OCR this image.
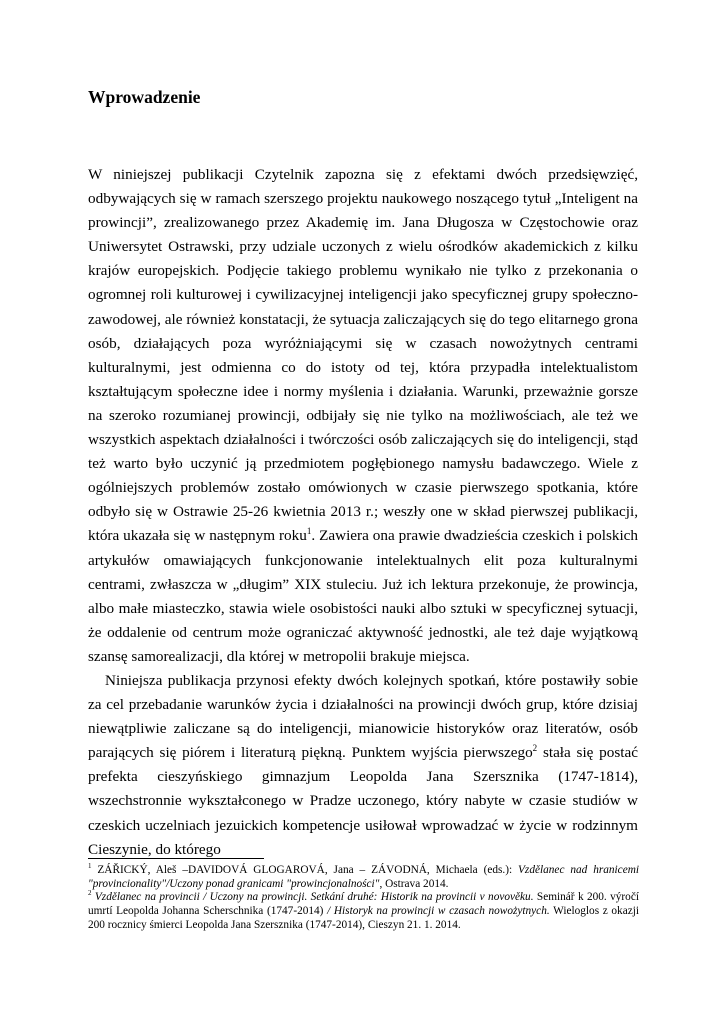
Wprowadzenie

W niniejszej publikacji Czytelnik zapozna się z efektami dwóch przedsięwzięć, odbywających się w ramach szerszego projektu naukowego noszącego tytuł „Inteligent na prowincji”, zrealizowanego przez Akademię im. Jana Długosza w Częstochowie oraz Uniwersytet Ostrawski, przy udziale uczonych z wielu ośrodków akademickich z kilku krajów europejskich. Podjęcie takiego problemu wynikało nie tylko z przekonania o ogromnej roli kulturowej i cywilizacyjnej inteligencji jako specyficznej grupy społeczno-zawodowej, ale również konstatacji, że sytuacja zaliczających się do tego elitarnego grona osób, działających poza wyróżniającymi się w czasach nowożytnych centrami kulturalnymi, jest odmienna co do istoty od tej, która przypadła intelektualistom kształtującym społeczne idee i normy myślenia i działania. Warunki, przeważnie gorsze na szeroko rozumianej prowincji, odbijały się nie tylko na możliwościach, ale też we wszystkich aspektach działalności i twórczości osób zaliczających się do inteligencji, stąd też warto było uczynić ją przedmiotem pogłębionego namysłu badawczego. Wiele z ogólniejszych problemów zostało omówionych w czasie pierwszego spotkania, które odbyło się w Ostrawie 25-26 kwietnia 2013 r.; weszły one w skład pierwszej publikacji, która ukazała się w następnym roku$^1$. Zawiera ona prawie dwadzieścia czeskich i polskich artykułów omawiających funkcjonowanie intelektualnych elit poza kulturalnymi centrami, zwłaszcza w „długim” XIX stuleciu. Już ich lektura przekonuje, że prowincja, albo małe miasteczko, stawia wiele osobistości nauki albo sztuki w specyficznej sytuacji, że oddalenie od centrum może ograniczać aktywność jednostki, ale też daje wyjątkową szansę samorealizacji, dla której w metropolii brakuje miejsca.

Niniejsza publikacja przynosi efekty dwóch kolejnych spotkań, które postawiły sobie za cel przebadanie warunków życia i działalności na prowincji dwóch grup, które dzisiaj niewątpliwie zaliczane są do inteligencji, mianowicie historyków oraz literatów, osób parających się piórem i literaturą piękną. Punktem wyjścia pierwszego$^2$ stała się postać prefekta cieszyńskiego gimnazjum Leopolda Jana Szersznika (1747-1814), wszechstronnie wykształconego w Pradze uczonego, który nabyte w czasie studiów w czeskich uczelniach jezuickich kompetencje usiłował wprowadzać w życie w rodzinnym Cieszynie, do którego

$^1$ ZÁŘICKÝ, Aleš –DAVIDOVÁ GLOGAROVÁ, Jana – ZÁVODNÁ, Michaela (eds.): Vzdělanec nad hranicemi "provincionality"/Uczony ponad granicami "prowincjonalności", Ostrava 2014.

$^2$ Vzdělanec na provincii / Uczony na prowincji. Setkání druhé: Historik na provincii v novověku. Seminář k 200. výročí umrtí Leopolda Johanna Scherschnika (1747-2014) / Historyk na prowincji w czasach nowożytnych. Wieloglos z okazji 200 rocznicy śmierci Leopolda Jana Szersznika (1747-2014), Cieszyn 21. 1. 2014.
